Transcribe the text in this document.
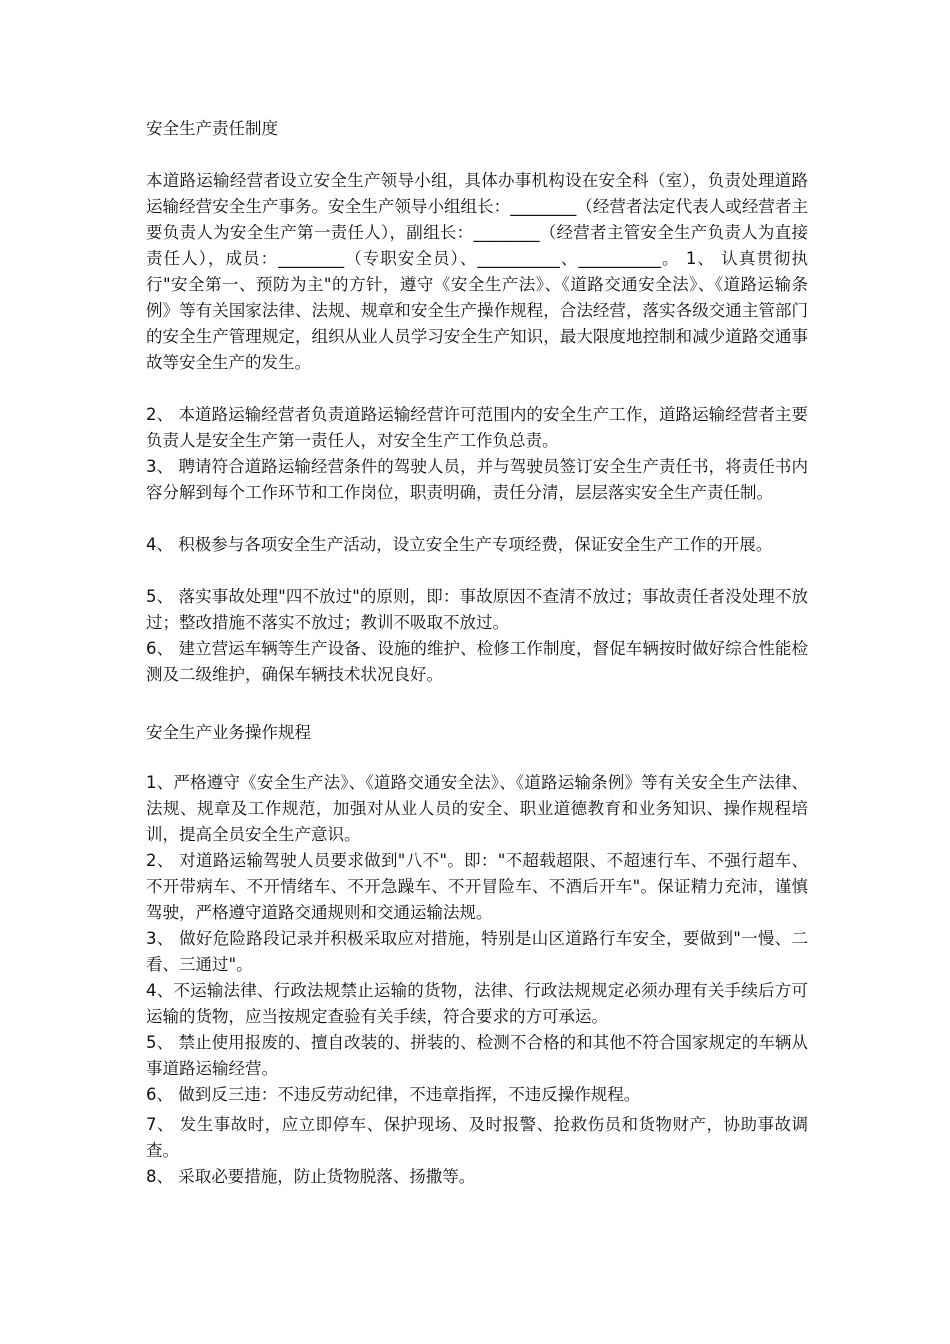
安全生产责任制度

本道路运输经营者设立安全生产领导小组，具体办事机构设在安全科（室），负责处理道路运输经营安全生产事务。安全生产领导小组组长：________（经营者法定代表人或经营者主要负责人为安全生产第一责任人），副组长：________（经营者主管安全生产负责人为直接责任人），成员：________（专职安全员）、__________、__________。 1、 认真贯彻执行"安全第一、预防为主"的方针，遵守《安全生产法》、《道路交通安全法》、《道路运输条例》等有关国家法律、法规、规章和安全生产操作规程，合法经营，落实各级交通主管部门的安全生产管理规定，组织从业人员学习安全生产知识，最大限度地控制和减少道路交通事故等安全生产的发生。

2、 本道路运输经营者负责道路运输经营许可范围内的安全生产工作，道路运输经营者主要负责人是安全生产第一责任人，对安全生产工作负总责。

3、 聘请符合道路运输经营条件的驾驶人员，并与驾驶员签订安全生产责任书，将责任书内容分解到每个工作环节和工作岗位，职责明确，责任分清，层层落实安全生产责任制。

4、 积极参与各项安全生产活动，设立安全生产专项经费，保证安全生产工作的开展。

5、 落实事故处理"四不放过"的原则，即：事故原因不查清不放过；事故责任者没处理不放过；整改措施不落实不放过；教训不吸取不放过。

6、 建立营运车辆等生产设备、设施的维护、检修工作制度，督促车辆按时做好综合性能检测及二级维护，确保车辆技术状况良好。

安全生产业务操作规程

1、严格遵守《安全生产法》、《道路交通安全法》、《道路运输条例》等有关安全生产法律、法规、规章及工作规范，加强对从业人员的安全、职业道德教育和业务知识、操作规程培训，提高全员安全生产意识。

2、 对道路运输驾驶人员要求做到"八不"。即："不超载超限、不超速行车、不强行超车、不开带病车、不开情绪车、不开急躁车、不开冒险车、不酒后开车"。保证精力充沛，谨慎驾驶，严格遵守道路交通规则和交通运输法规。

3、 做好危险路段记录并积极采取应对措施，特别是山区道路行车安全，要做到"一慢、二看、三通过"。

4、不运输法律、行政法规禁止运输的货物，法律、行政法规规定必须办理有关手续后方可运输的货物，应当按规定查验有关手续，符合要求的方可承运。

5、 禁止使用报废的、擅自改装的、拼装的、检测不合格的和其他不符合国家规定的车辆从事道路运输经营。

6、 做到反三违：不违反劳动纪律，不违章指挥，不违反操作规程。

7、 发生事故时，应立即停车、保护现场、及时报警、抢救伤员和货物财产，协助事故调查。

8、 采取必要措施，防止货物脱落、扬撒等。
